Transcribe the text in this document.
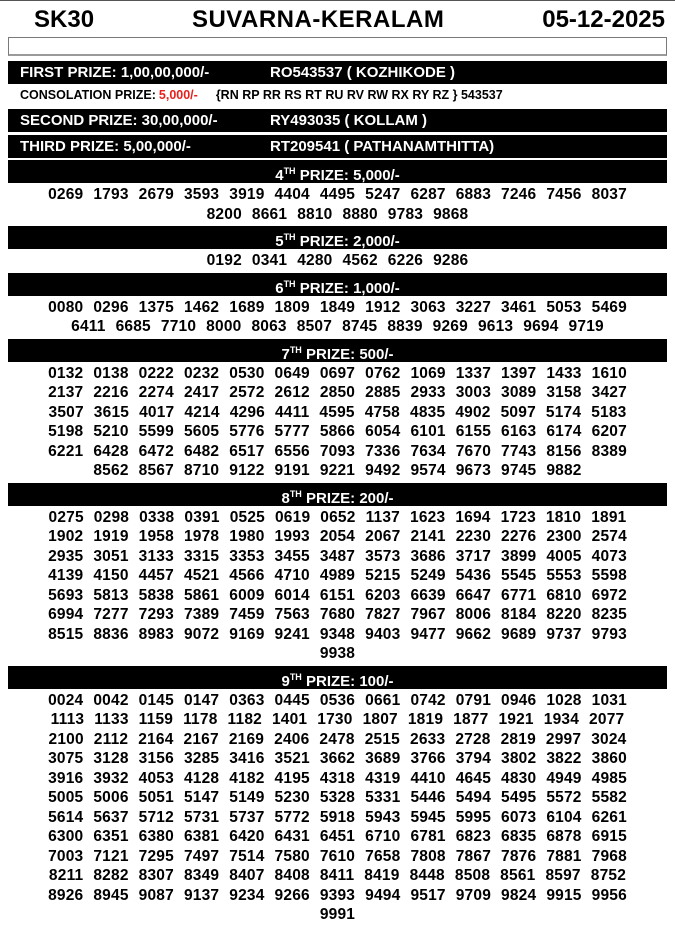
SK30	SUVARNA-KERALAM	05-12-2025
FIRST PRIZE: 1,00,00,000/-	RO543537 ( KOZHIKODE )
CONSOLATION PRIZE: 5,000/- {RN RP RR RS RT RU RV RW RX RY RZ } 543537
SECOND PRIZE: 30,00,000/-	RY493035 ( KOLLAM )
THIRD PRIZE: 5,00,000/-	RT209541 ( PATHANAMTHITTA)
4TH PRIZE: 5,000/-
0269 1793 2679 3593 3919 4404 4495 5247 6287 6883 7246 7456 8037
8200 8661 8810 8880 9783 9868
5TH PRIZE: 2,000/-
0192 0341 4280 4562 6226 9286
6TH PRIZE: 1,000/-
0080 0296 1375 1462 1689 1809 1849 1912 3063 3227 3461 5053 5469
6411 6685 7710 8000 8063 8507 8745 8839 9269 9613 9694 9719
7TH PRIZE: 500/-
0132 0138 0222 0232 0530 0649 0697 0762 1069 1337 1397 1433 1610
2137 2216 2274 2417 2572 2612 2850 2885 2933 3003 3089 3158 3427
3507 3615 4017 4214 4296 4411 4595 4758 4835 4902 5097 5174 5183
5198 5210 5599 5605 5776 5777 5866 6054 6101 6155 6163 6174 6207
6221 6428 6472 6482 6517 6556 7093 7336 7634 7670 7743 8156 8389
8562 8567 8710 9122 9191 9221 9492 9574 9673 9745 9882
8TH PRIZE: 200/-
0275 0298 0338 0391 0525 0619 0652 1137 1623 1694 1723 1810 1891
1902 1919 1958 1978 1980 1993 2054 2067 2141 2230 2276 2300 2574
2935 3051 3133 3315 3353 3455 3487 3573 3686 3717 3899 4005 4073
4139 4150 4457 4521 4566 4710 4989 5215 5249 5436 5545 5553 5598
5693 5813 5838 5861 6009 6014 6151 6203 6639 6647 6771 6810 6972
6994 7277 7293 7389 7459 7563 7680 7827 7967 8006 8184 8220 8235
8515 8836 8983 9072 9169 9241 9348 9403 9477 9662 9689 9737 9793
9938
9TH PRIZE: 100/-
0024 0042 0145 0147 0363 0445 0536 0661 0742 0791 0946 1028 1031
1113 1133 1159 1178 1182 1401 1730 1807 1819 1877 1921 1934 2077
2100 2112 2164 2167 2169 2406 2478 2515 2633 2728 2819 2997 3024
3075 3128 3156 3285 3416 3521 3662 3689 3766 3794 3802 3822 3860
3916 3932 4053 4128 4182 4195 4318 4319 4410 4645 4830 4949 4985
5005 5006 5051 5147 5149 5230 5328 5331 5446 5494 5495 5572 5582
5614 5637 5712 5731 5737 5772 5918 5943 5945 5995 6073 6104 6261
6300 6351 6380 6381 6420 6431 6451 6710 6781 6823 6835 6878 6915
7003 7121 7295 7497 7514 7580 7610 7658 7808 7867 7876 7881 7968
8211 8282 8307 8349 8407 8408 8411 8419 8448 8508 8561 8597 8752
8926 8945 9087 9137 9234 9266 9393 9494 9517 9709 9824 9915 9956
9991
